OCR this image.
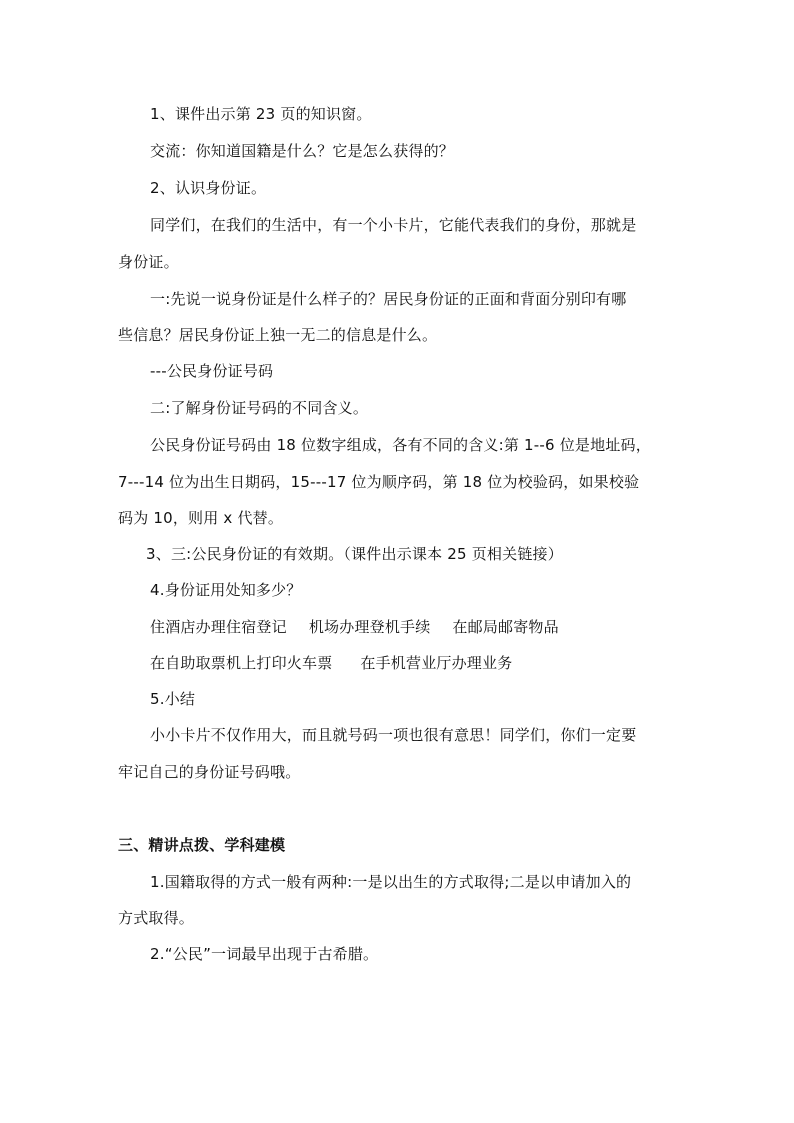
1、课件出示第 23 页的知识窗。
交流：你知道国籍是什么？它是怎么获得的？
2、认识身份证。
同学们，在我们的生活中，有一个小卡片，它能代表我们的身份，那就是
身份证。
一:先说一说身份证是什么样子的？居民身份证的正面和背面分别印有哪
些信息？居民身份证上独一无二的信息是什么。
---公民身份证号码
二:了解身份证号码的不同含义。
公民身份证号码由 18 位数字组成，各有不同的含义:第 1--6 位是地址码，
7---14 位为出生日期码，15---17 位为顺序码，第 18 位为校验码，如果校验
码为 10，则用 x 代替。
3、三:公民身份证的有效期。（课件出示课本 25 页相关链接）
4.身份证用处知多少？
住酒店办理住宿登记 机场办理登机手续 在邮局邮寄物品
在自助取票机上打印火车票 在手机营业厅办理业务
5.小结
小小卡片不仅作用大，而且就号码一项也很有意思！同学们，你们一定要
牢记自己的身份证号码哦。
三、精讲点拨、学科建模
1.国籍取得的方式一般有两种:一是以出生的方式取得;二是以申请加入的
方式取得。
2.“公民”一词最早出现于古希腊。
